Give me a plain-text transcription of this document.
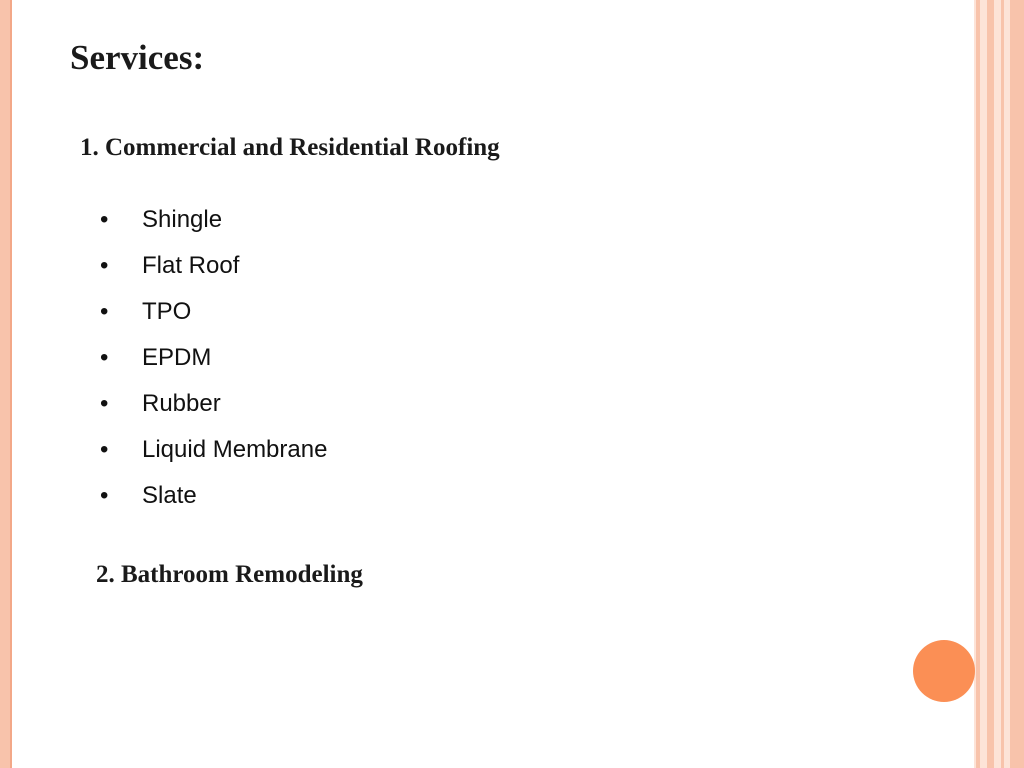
Services:
1. Commercial and Residential Roofing
•	Shingle
•	Flat Roof
•	TPO
•	EPDM
•	Rubber
•	Liquid Membrane
•	Slate
2. Bathroom Remodeling
